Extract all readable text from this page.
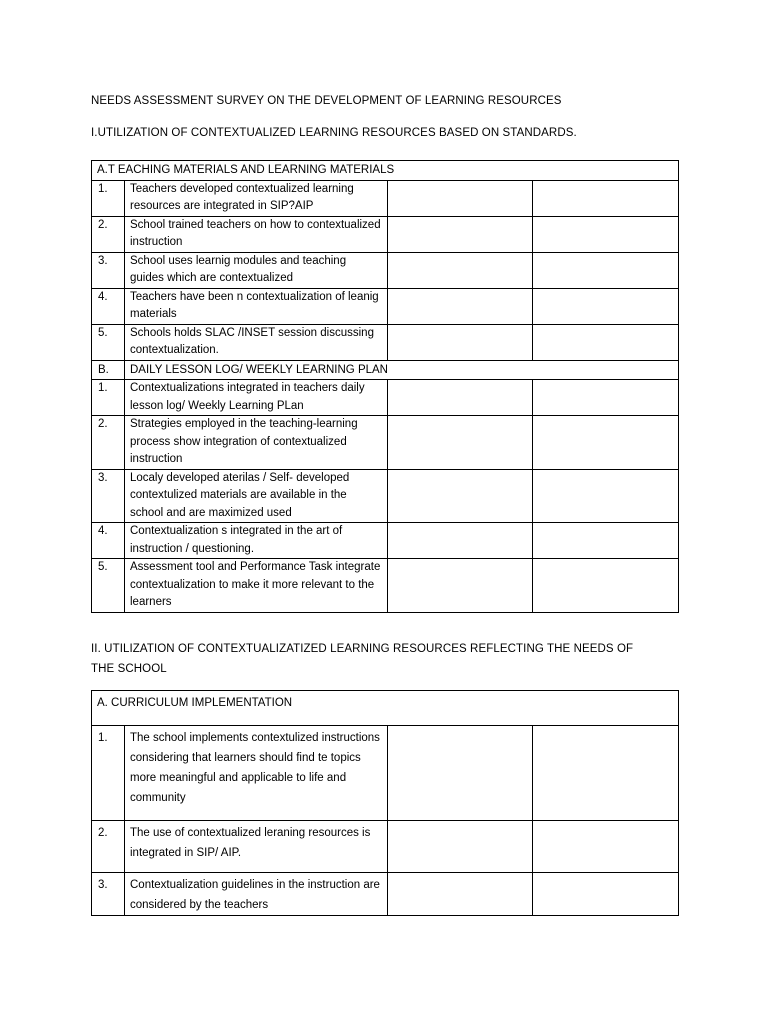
NEEDS ASSESSMENT SURVEY ON THE DEVELOPMENT OF LEARNING RESOURCES
I.UTILIZATION OF CONTEXTUALIZED LEARNING RESOURCES BASED ON STANDARDS.
A.T EACHING MATERIALS AND LEARNING MATERIALS			
1.	Teachers developed contextualized learning resources are integrated in SIP?AIP		
2.	School trained teachers on how to contextualized instruction		
3.	School uses learnig modules and teaching guides which are contextualized		
4.	Teachers have been n contextualization of leanig materials		
5.	Schools holds SLAC /INSET session discussing contextualization.		
B.	DAILY LESSON LOG/ WEEKLY LEARNING PLAN		
1.	Contextualizations integrated in teachers daily lesson log/ Weekly Learning PLan		
2.	Strategies employed in the teaching-learning process show integration of contextualized instruction		
3.	Localy developed aterilas / Self- developed contextulized materials are available in the school and are maximized used		
4.	Contextualization s integrated in the art of instruction / questioning.		
5.	Assessment tool and Performance Task integrate contextualization to make it more relevant to the learners		
II. UTILIZATION OF CONTEXTUALIZATIZED LEARNING RESOURCES REFLECTING THE NEEDS OF THE SCHOOL
A. CURRICULUM IMPLEMENTATION			
1.	The school implements contextulized instructions considering that learners should find te topics more meaningful and applicable to life and community		
2.	The use of contextualized leraning resources is integrated in SIP/ AIP.		
3.	Contextualization guidelines in the instruction are considered by the teachers		
